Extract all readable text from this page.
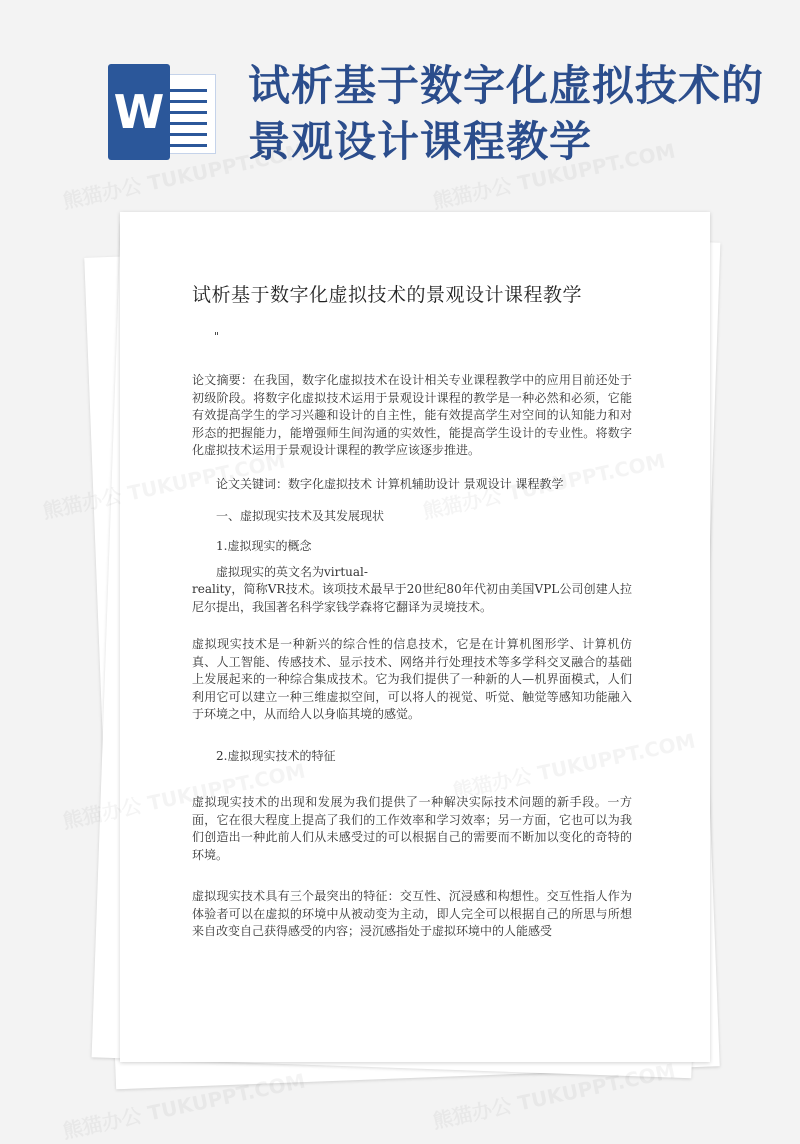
W 试析基于数字化虚拟技术的景观设计课程教学
试析基于数字化虚拟技术的景观设计课程教学
"

论文摘要：在我国，数字化虚拟技术在设计相关专业课程教学中的应用目前还处于初级阶段。将数字化虚拟技术运用于景观设计课程的教学是一种必然和必须，它能有效提高学生的学习兴趣和设计的自主性，能有效提高学生对空间的认知能力和对形态的把握能力，能增强师生间沟通的实效性，能提高学生设计的专业性。将数字化虚拟技术运用于景观设计课程的教学应该逐步推进。

论文关键词：数字化虚拟技术 计算机辅助设计 景观设计 课程教学

一、虚拟现实技术及其发展现状

1.虚拟现实的概念

虚拟现实的英文名为virtual-

reality，简称VR技术。该项技术最早于20世纪80年代初由美国VPL公司创建人拉尼尔提出，我国著名科学家钱学森将它翻译为灵境技术。

虚拟现实技术是一种新兴的综合性的信息技术，它是在计算机图形学、计算机仿真、人工智能、传感技术、显示技术、网络并行处理技术等多学科交叉融合的基础上发展起来的一种综合集成技术。它为我们提供了一种新的人—机界面模式，人们利用它可以建立一种三维虚拟空间，可以将人的视觉、听觉、触觉等感知功能融入于环境之中，从而给人以身临其境的感觉。

2.虚拟现实技术的特征

虚拟现实技术的出现和发展为我们提供了一种解决实际技术问题的新手段。一方面，它在很大程度上提高了我们的工作效率和学习效率；另一方面，它也可以为我们创造出一种此前人们从未感受过的可以根据自己的需要而不断加以变化的奇特的环境。

虚拟现实技术具有三个最突出的特征：交互性、沉浸感和构想性。交互性指人作为体验者可以在虚拟的环境中从被动变为主动，即人完全可以根据自己的所思与所想来自改变自己获得感受的内容；浸沉感指处于虚拟环境中的人能感受
